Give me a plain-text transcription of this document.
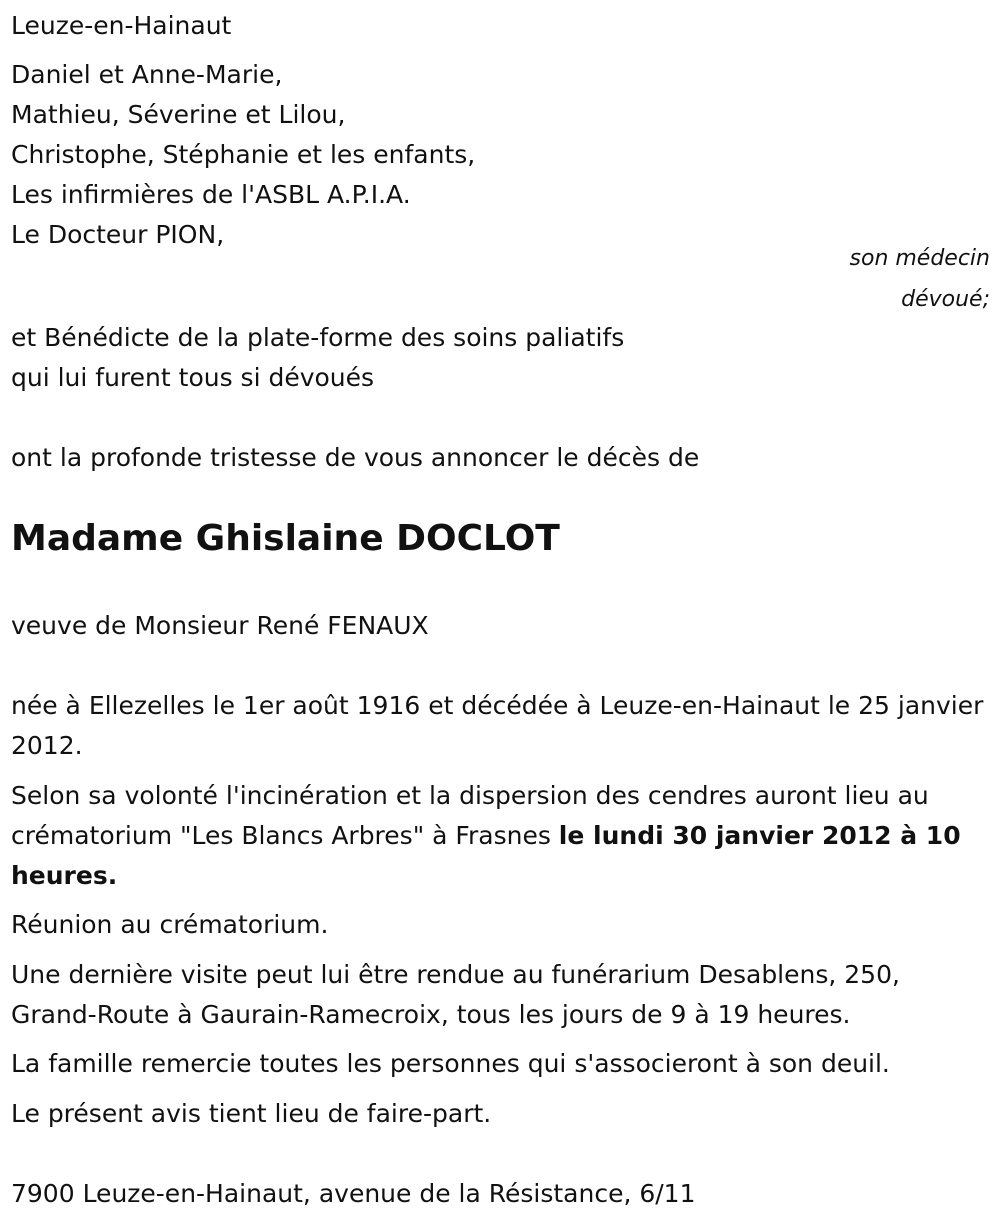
Leuze-en-Hainaut
Daniel et Anne-Marie,
Mathieu, Séverine et Lilou,
Christophe, Stéphanie et les enfants,
Les infirmières de l'ASBL A.P.I.A.
Le Docteur PION,
son médecin
dévoué;
et Bénédicte de la plate-forme des soins paliatifs
qui lui furent tous si dévoués
ont la profonde tristesse de vous annoncer le décès de
Madame Ghislaine DOCLOT
veuve de Monsieur René FENAUX
née à Ellezelles le 1er août 1916 et décédée à Leuze-en-Hainaut le 25 janvier 2012.
Selon sa volonté l'incinération et la dispersion des cendres auront lieu au crématorium "Les Blancs Arbres" à Frasnes le lundi 30 janvier 2012 à 10 heures.
Réunion au crématorium.
Une dernière visite peut lui être rendue au funérarium Desablens, 250, Grand-Route à Gaurain-Ramecroix, tous les jours de 9 à 19 heures.
La famille remercie toutes les personnes qui s'associeront à son deuil.
Le présent avis tient lieu de faire-part.
7900 Leuze-en-Hainaut, avenue de la Résistance, 6/11
